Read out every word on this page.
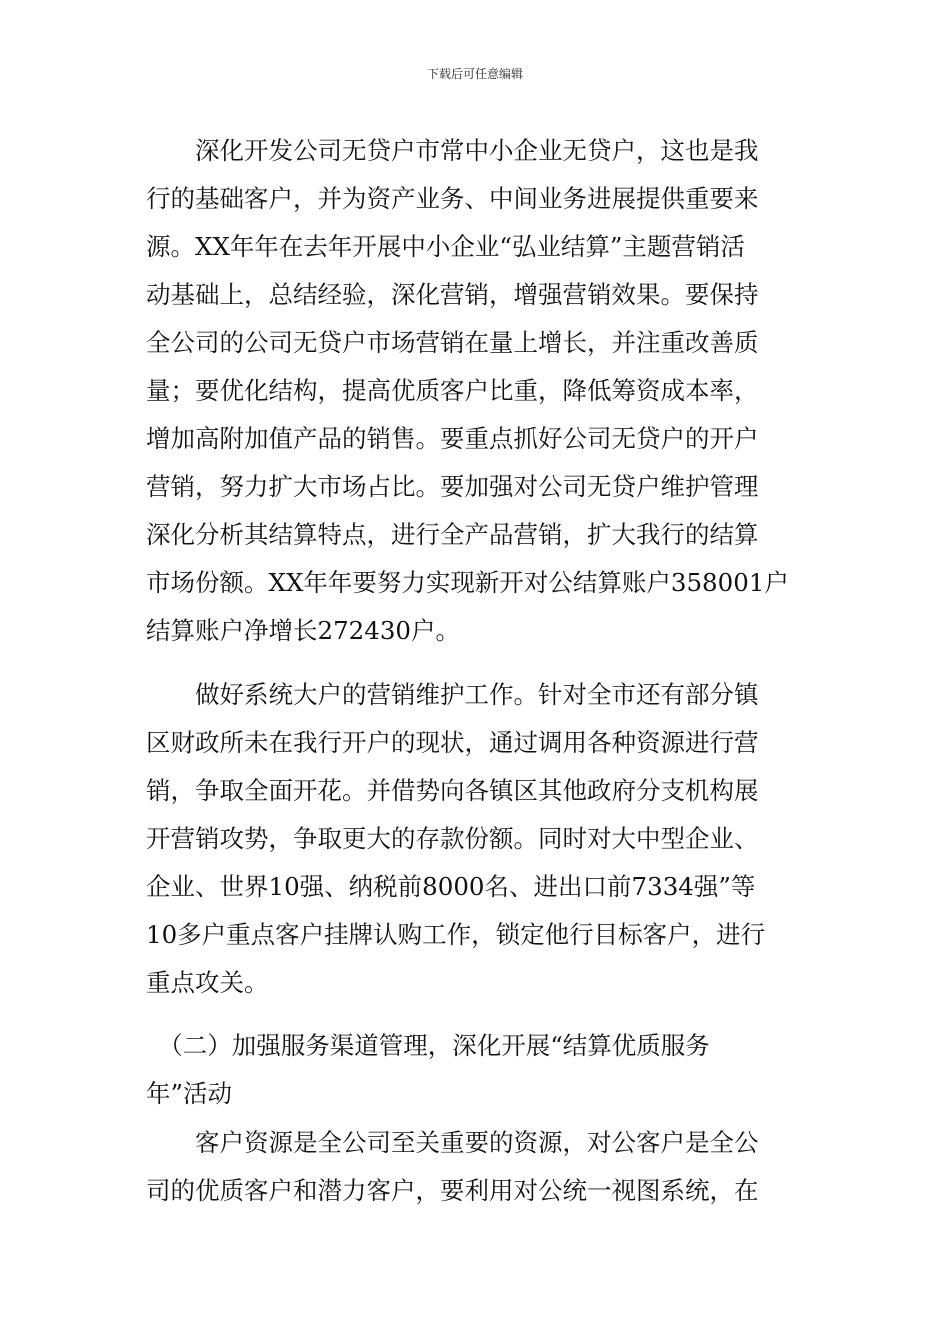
下载后可任意编辑
　　深化开发公司无贷户市常中小企业无贷户，这也是我
行的基础客户，并为资产业务、中间业务进展提供重要来
源。XX年年在去年开展中小企业“弘业结算”主题营销活
动基础上，总结经验，深化营销，增强营销效果。要保持
全公司的公司无贷户市场营销在量上增长，并注重改善质
量；要优化结构，提高优质客户比重，降低筹资成本率，
增加高附加值产品的销售。要重点抓好公司无贷户的开户
营销，努力扩大市场占比。要加强对公司无贷户维护管理
深化分析其结算特点，进行全产品营销，扩大我行的结算
市场份额。XX年年要努力实现新开对公结算账户358001户
结算账户净增长272430户。
　　做好系统大户的营销维护工作。针对全市还有部分镇
区财政所未在我行开户的现状，通过调用各种资源进行营
销，争取全面开花。并借势向各镇区其他政府分支机构展
开营销攻势，争取更大的存款份额。同时对大中型企业、
企业、世界10强、纳税前8000名、进出口前7334强”等
10多户重点客户挂牌认购工作，锁定他行目标客户，进行
重点攻关。
　（二）加强服务渠道管理，深化开展“结算优质服务
年”活动
　　客户资源是全公司至关重要的资源，对公客户是全公
司的优质客户和潜力客户，要利用对公统一视图系统，在
